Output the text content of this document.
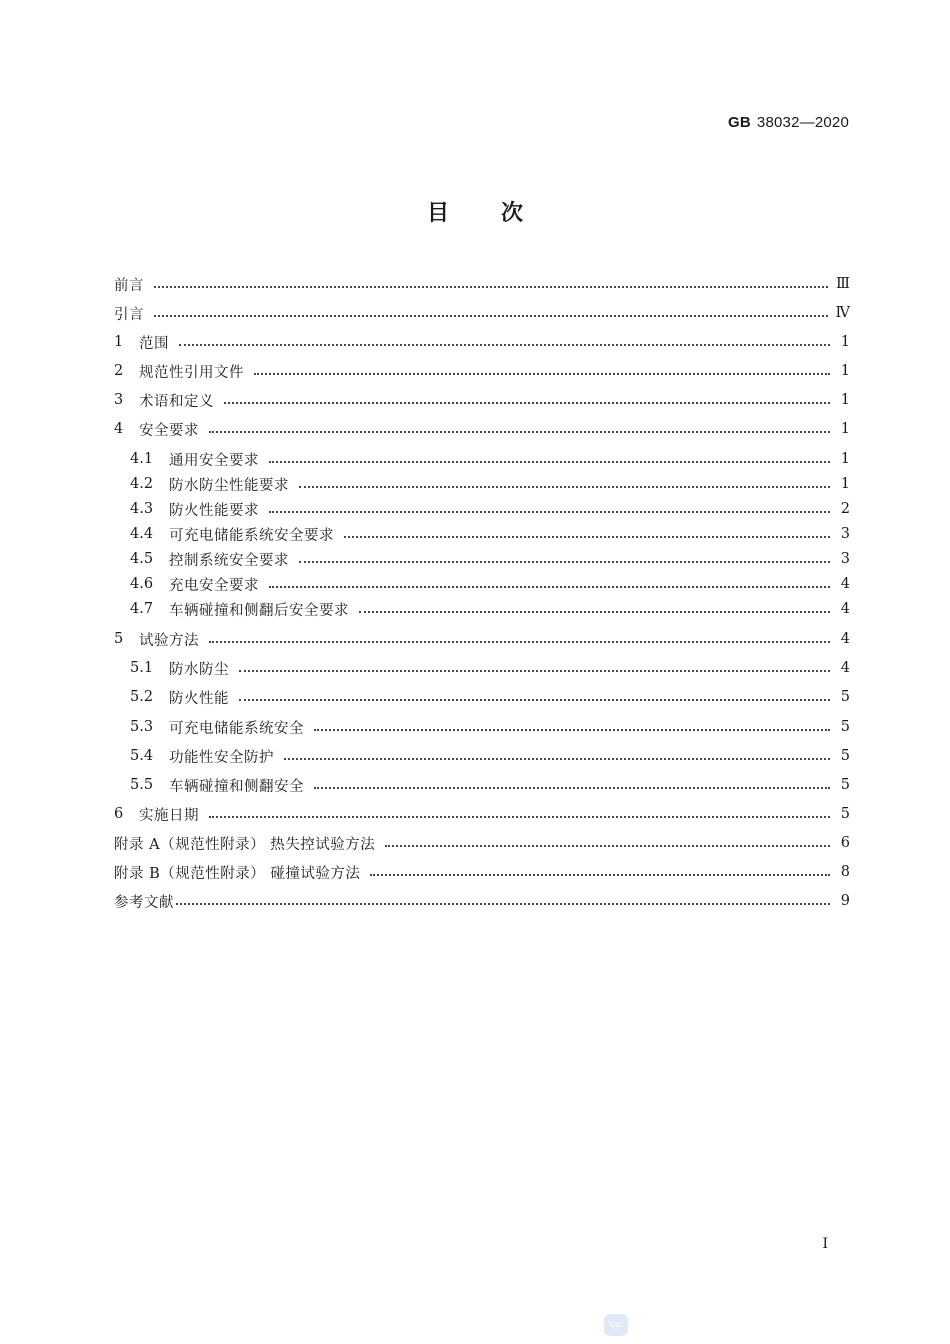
GB 38032—2020
目 次
前言	Ⅲ
引言	Ⅳ
1	范围	1
2	规范性引用文件	1
3	术语和定义	1
4	安全要求	1
4.1	通用安全要求	1
4.2	防水防尘性能要求	1
4.3	防火性能要求	2
4.4	可充电储能系统安全要求	3
4.5	控制系统安全要求	3
4.6	充电安全要求	4
4.7	车辆碰撞和侧翻后安全要求	4
5	试验方法	4
5.1	防水防尘	4
5.2	防火性能	5
5.3	可充电储能系统安全	5
5.4	功能性安全防护	5
5.5	车辆碰撞和侧翻安全	5
6	实施日期	5
附录 A（规范性附录） 热失控试验方法	6
附录 B（规范性附录） 碰撞试验方法	8
参考文献	9
Ⅰ
SAC
